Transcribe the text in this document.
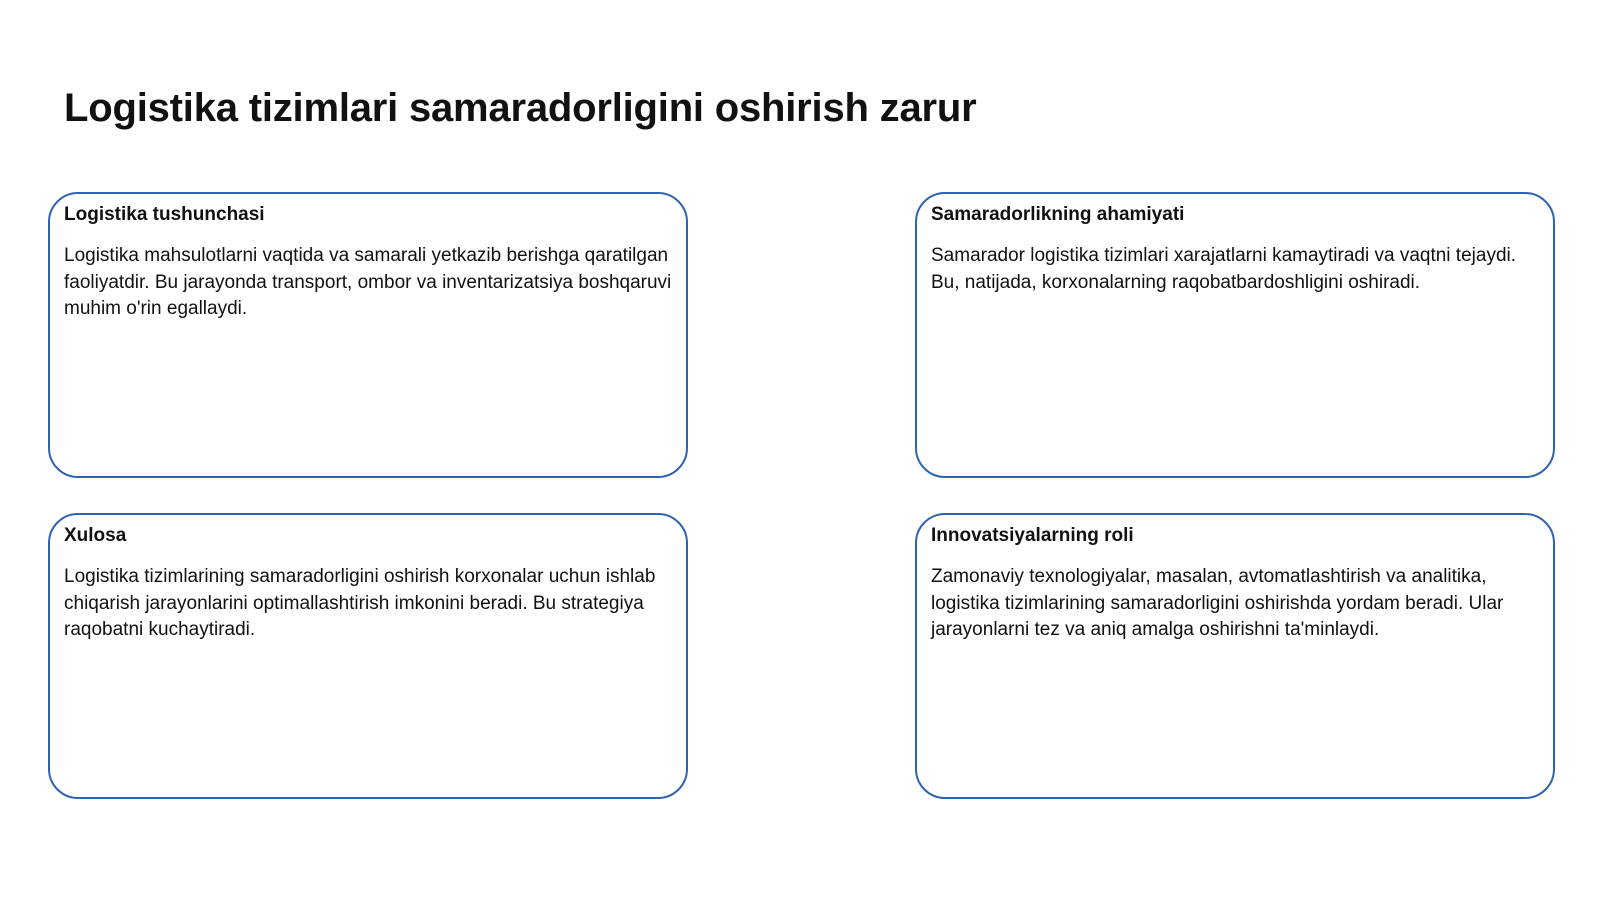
Logistika tizimlari samaradorligini oshirish zarur
Logistika tushunchasi

Logistika mahsulotlarni vaqtida va samarali yetkazib berishga qaratilgan faoliyatdir. Bu jarayonda transport, ombor va inventarizatsiya boshqaruvi muhim o'rin egallaydi.

Samaradorlikning ahamiyati

Samarador logistika tizimlari xarajatlarni kamaytiradi va vaqtni tejaydi. Bu, natijada, korxonalarning raqobatbardoshligini oshiradi.

Xulosa

Logistika tizimlarining samaradorligini oshirish korxonalar uchun ishlab chiqarish jarayonlarini optimallashtirish imkonini beradi. Bu strategiya raqobatni kuchaytiradi.

Innovatsiyalarning roli

Zamonaviy texnologiyalar, masalan, avtomatlashtirish va analitika, logistika tizimlarining samaradorligini oshirishda yordam beradi. Ular jarayonlarni tez va aniq amalga oshirishni ta'minlaydi.
